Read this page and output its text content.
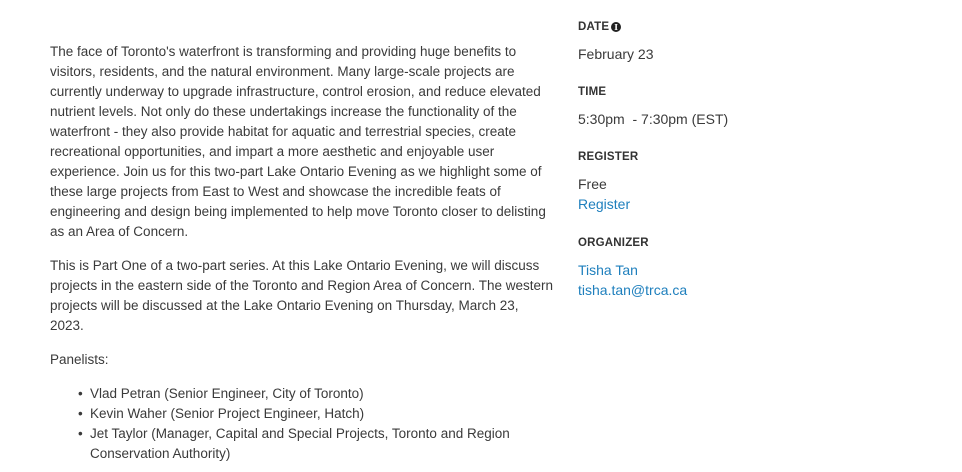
The face of Toronto's waterfront is transforming and providing huge benefits to visitors, residents, and the natural environment. Many large-scale projects are currently underway to upgrade infrastructure, control erosion, and reduce elevated nutrient levels. Not only do these undertakings increase the functionality of the waterfront - they also provide habitat for aquatic and terrestrial species, create recreational opportunities, and impart a more aesthetic and enjoyable user experience. Join us for this two-part Lake Ontario Evening as we highlight some of these large projects from East to West and showcase the incredible feats of engineering and design being implemented to help move Toronto closer to delisting as an Area of Concern.

This is Part One of a two-part series. At this Lake Ontario Evening, we will discuss projects in the eastern side of the Toronto and Region Area of Concern. The western projects will be discussed at the Lake Ontario Evening on Thursday, March 23, 2023.

Panelists:

• Vlad Petran (Senior Engineer, City of Toronto)
• Kevin Waher (Senior Project Engineer, Hatch)
• Jet Taylor (Manager, Capital and Special Projects, Toronto and Region Conservation Authority)
DATE I
February 23
TIME
5:30pm  - 7:30pm (EST)
REGISTER
Free
Register
ORGANIZER
Tisha Tan
tisha.tan@trca.ca
